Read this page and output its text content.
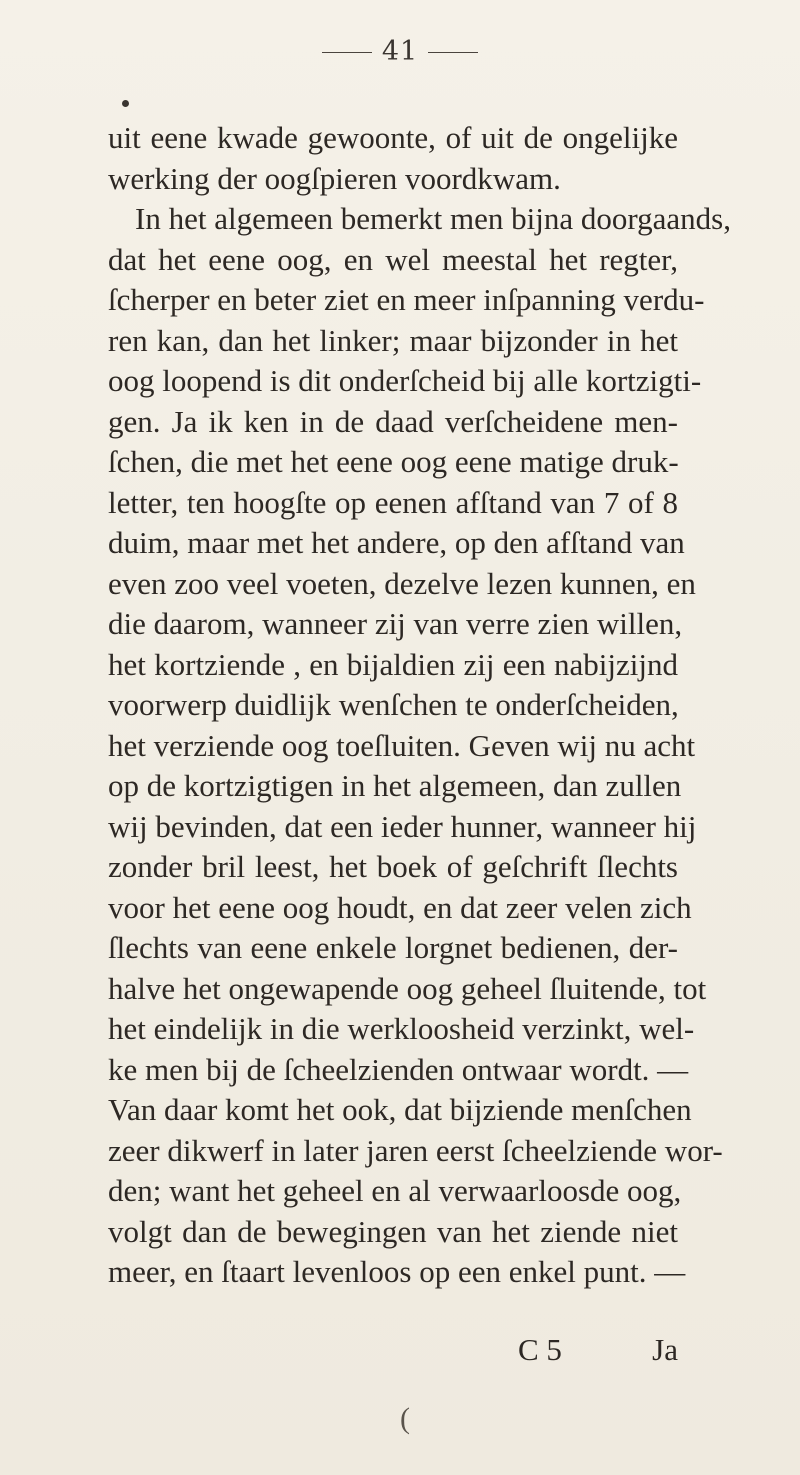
41
uit eene kwade gewoonte, of uit de ongelijke
werking der oogſpieren voordkwam.
In het algemeen bemerkt men bijna doorgaands,
dat het eene oog, en wel meestal het regter,
ſcherper en beter ziet en meer inſpanning verdu-
ren kan, dan het linker; maar bijzonder in het
oog loopend is dit onderſcheid bij alle kortzigti-
gen. Ja ik ken in de daad verſcheidene men-
ſchen, die met het eene oog eene matige druk-
letter, ten hoogſte op eenen afſtand van 7 of 8
duim, maar met het andere, op den afſtand van
even zoo veel voeten, dezelve lezen kunnen, en
die daarom, wanneer zij van verre zien willen,
het kortziende , en bijaldien zij een nabijzijnd
voorwerp duidlijk wenſchen te onderſcheiden,
het verziende oog toeſluiten. Geven wij nu acht
op de kortzigtigen in het algemeen, dan zullen
wij bevinden, dat een ieder hunner, wanneer hij
zonder bril leest, het boek of geſchrift ſlechts
voor het eene oog houdt, en dat zeer velen zich
ſlechts van eene enkele lorgnet bedienen, der-
halve het ongewapende oog geheel ſluitende, tot
het eindelijk in die werkloosheid verzinkt, wel-
ke men bij de ſcheelzienden ontwaar wordt. —
Van daar komt het ook, dat bijziende menſchen
zeer dikwerf in later jaren eerst ſcheelziende wor-
den; want het geheel en al verwaarloosde oog,
volgt dan de bewegingen van het ziende niet
meer, en ſtaart levenloos op een enkel punt. —
C 5	Ja
(
